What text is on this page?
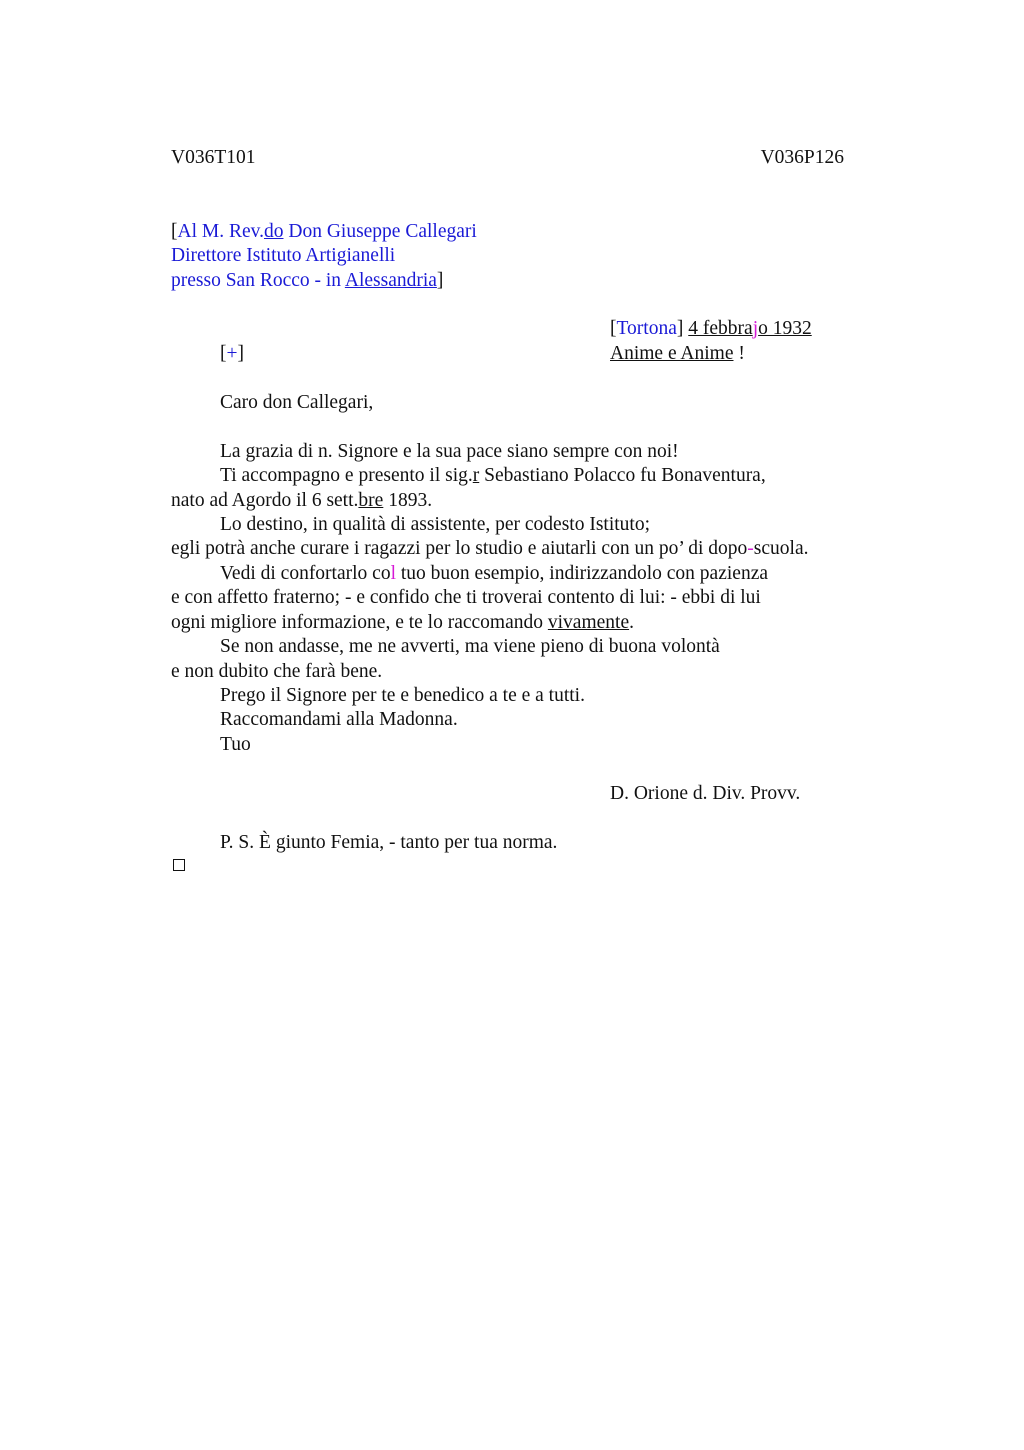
V036T101	V036P126
[Al M. Rev.do Don Giuseppe Callegari
Direttore Istituto Artigianelli
presso San Rocco - in Alessandria]
[Tortona] 4 febbrajo 1932
Animе e Anime !
[+]
Caro don Callegari,
La grazia di n. Signore e la sua pace siano sempre con noi!
Ti accompagno e presento il sig.r Sebastiano Polacco fu Bonaventura,
nato ad Agordo il 6 sett.bre 1893.
Lo destino, in qualità di assistente, per codesto Istituto;
egli potrà anche curare i ragazzi per lo studio e aiutarli con un po’ di dopo-scuola.
Vedi di confortarlo col tuo buon esempio, indirizzandolo con pazienza
e con affetto fraterno; - e confido che ti troverai contento di lui: - ebbi di lui
ogni migliore informazione, e te lo raccomando vivamente.
Se non andasse, me ne avverti, ma viene pieno di buona volontà
e non dubito che farà bene.
Prego il Signore per te e benedico a te e a tutti.
Raccomandami alla Madonna.
Tuo
D. Orione d. Div. Provv.
P. S. È giunto Femia, - tanto per tua norma.
